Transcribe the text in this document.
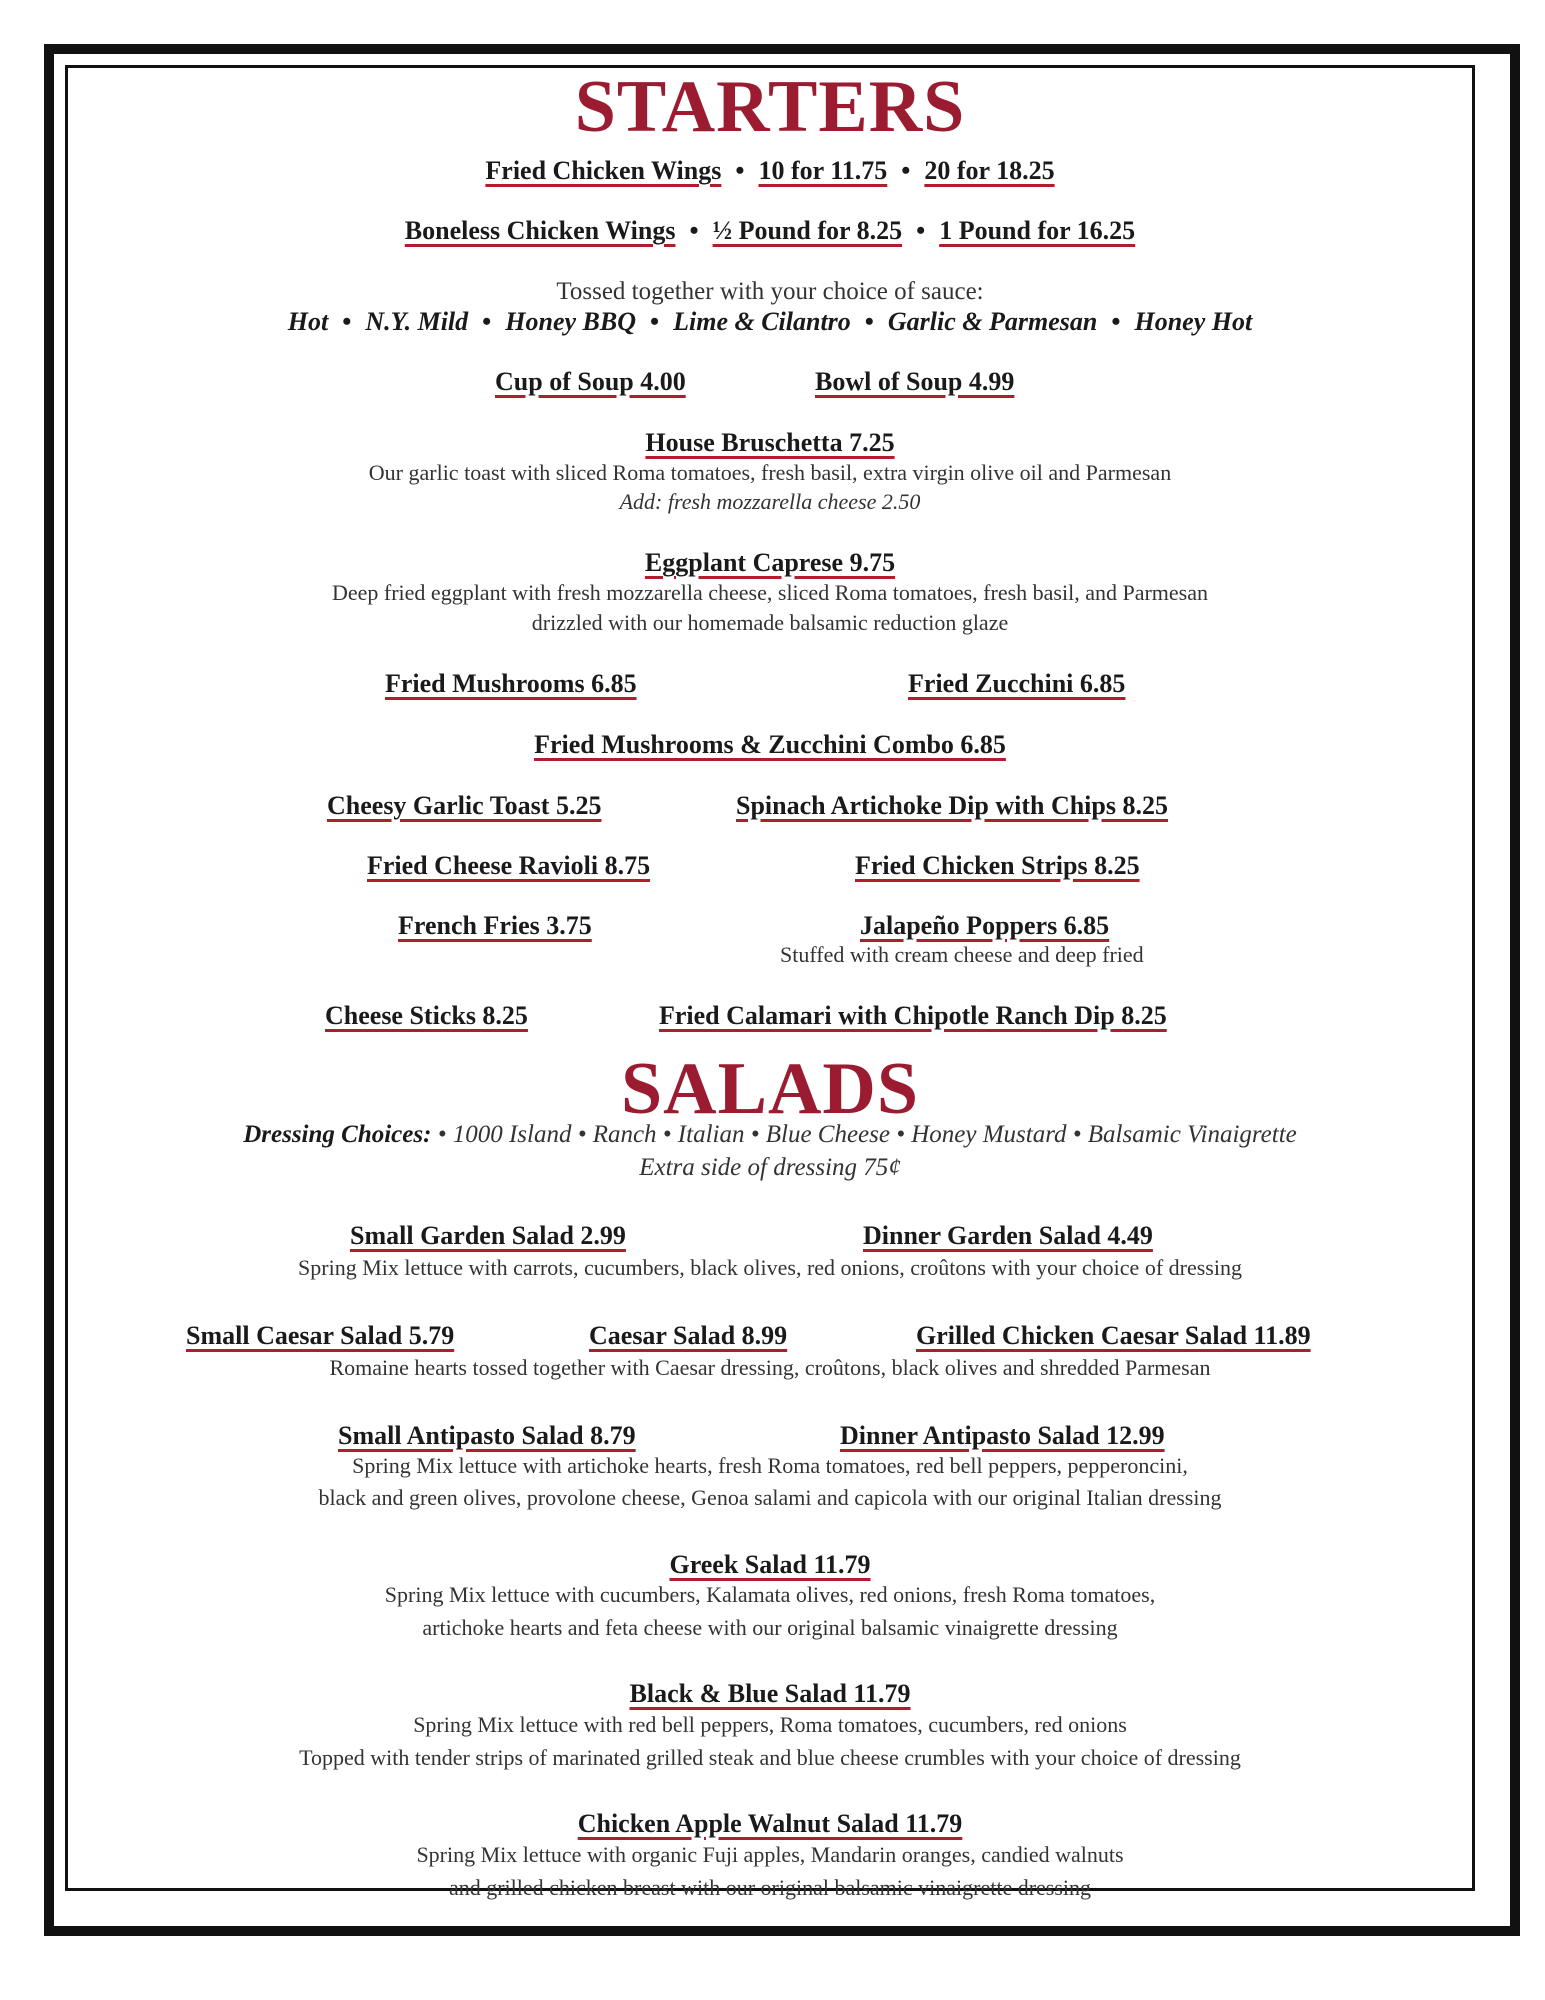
STARTERS
Fried Chicken Wings • 10 for 11.75 • 20 for 18.25
Boneless Chicken Wings • ½ Pound for 8.25 • 1 Pound for 16.25
Tossed together with your choice of sauce:
Hot • N.Y. Mild • Honey BBQ • Lime & Cilantro • Garlic & Parmesan • Honey Hot
Cup of Soup 4.00	Bowl of Soup 4.99
House Bruschetta 7.25
Our garlic toast with sliced Roma tomatoes, fresh basil, extra virgin olive oil and Parmesan
Add: fresh mozzarella cheese 2.50
Eggplant Caprese 9.75
Deep fried eggplant with fresh mozzarella cheese, sliced Roma tomatoes, fresh basil, and Parmesan
drizzled with our homemade balsamic reduction glaze
Fried Mushrooms 6.85	Fried Zucchini 6.85
Fried Mushrooms & Zucchini Combo 6.85
Cheesy Garlic Toast 5.25	Spinach Artichoke Dip with Chips 8.25
Fried Cheese Ravioli 8.75	Fried Chicken Strips 8.25
French Fries 3.75	Jalapeño Poppers 6.85
Stuffed with cream cheese and deep fried
Cheese Sticks 8.25	Fried Calamari with Chipotle Ranch Dip 8.25
SALADS
Dressing Choices: • 1000 Island • Ranch • Italian • Blue Cheese • Honey Mustard • Balsamic Vinaigrette
Extra side of dressing 75¢
Small Garden Salad 2.99	Dinner Garden Salad 4.49
Spring Mix lettuce with carrots, cucumbers, black olives, red onions, croûtons with your choice of dressing
Small Caesar Salad 5.79	Caesar Salad 8.99	Grilled Chicken Caesar Salad 11.89
Romaine hearts tossed together with Caesar dressing, croûtons, black olives and shredded Parmesan
Small Antipasto Salad 8.79	Dinner Antipasto Salad 12.99
Spring Mix lettuce with artichoke hearts, fresh Roma tomatoes, red bell peppers, pepperoncini,
black and green olives, provolone cheese, Genoa salami and capicola with our original Italian dressing
Greek Salad 11.79
Spring Mix lettuce with cucumbers, Kalamata olives, red onions, fresh Roma tomatoes,
artichoke hearts and feta cheese with our original balsamic vinaigrette dressing
Black & Blue Salad 11.79
Spring Mix lettuce with red bell peppers, Roma tomatoes, cucumbers, red onions
Topped with tender strips of marinated grilled steak and blue cheese crumbles with your choice of dressing
Chicken Apple Walnut Salad 11.79
Spring Mix lettuce with organic Fuji apples, Mandarin oranges, candied walnuts
and grilled chicken breast with our original balsamic vinaigrette dressing
